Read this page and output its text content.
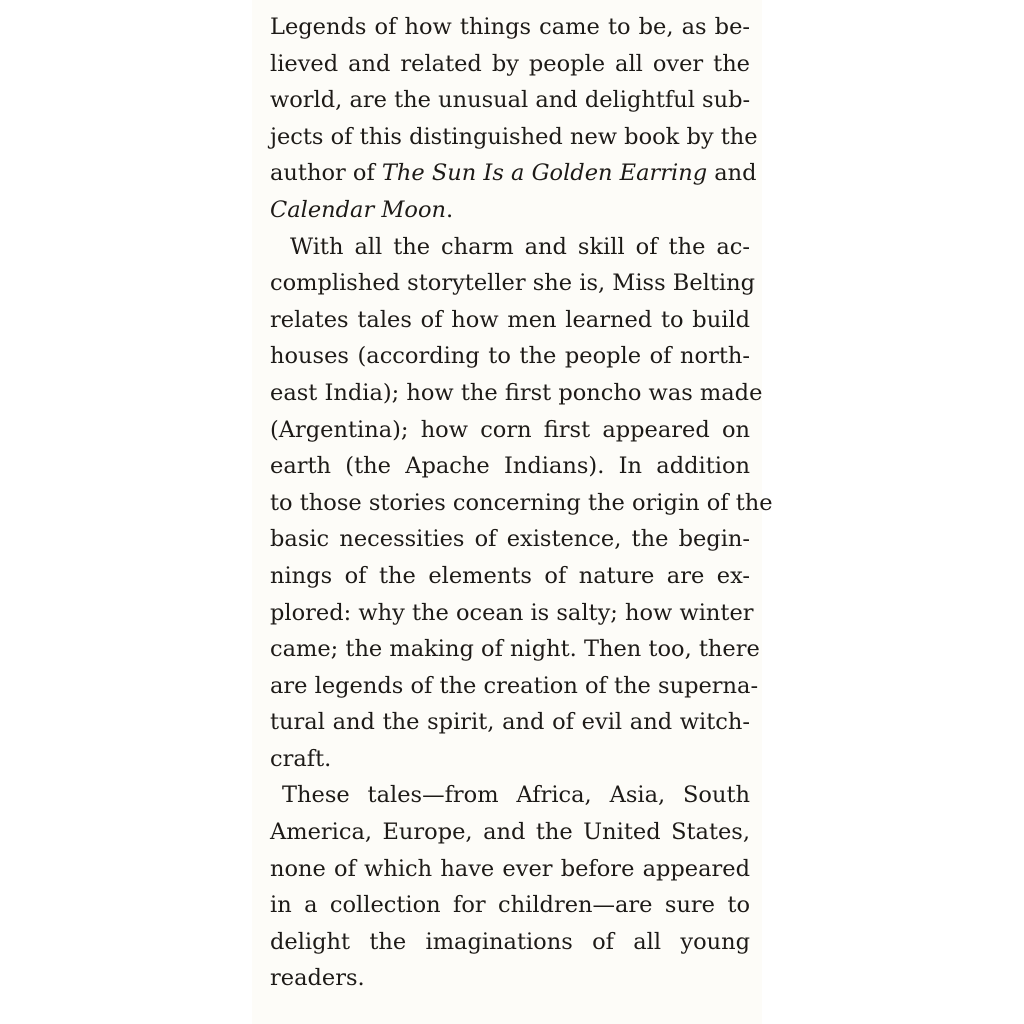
Legends of how things came to be, as be-
lieved and related by people all over the
world, are the unusual and delightful sub-
jects of this distinguished new book by the
author of The Sun Is a Golden Earring and
Calendar Moon.
With all the charm and skill of the ac-
complished storyteller she is, Miss Belting
relates tales of how men learned to build
houses (according to the people of north-
east India); how the first poncho was made
(Argentina); how corn first appeared on
earth (the Apache Indians). In addition
to those stories concerning the origin of the
basic necessities of existence, the begin-
nings of the elements of nature are ex-
plored: why the ocean is salty; how winter
came; the making of night. Then too, there
are legends of the creation of the superna-
tural and the spirit, and of evil and witch-
craft.
These tales—from Africa, Asia, South
America, Europe, and the United States,
none of which have ever before appeared
in a collection for children—are sure to
delight the imaginations of all young
readers.
